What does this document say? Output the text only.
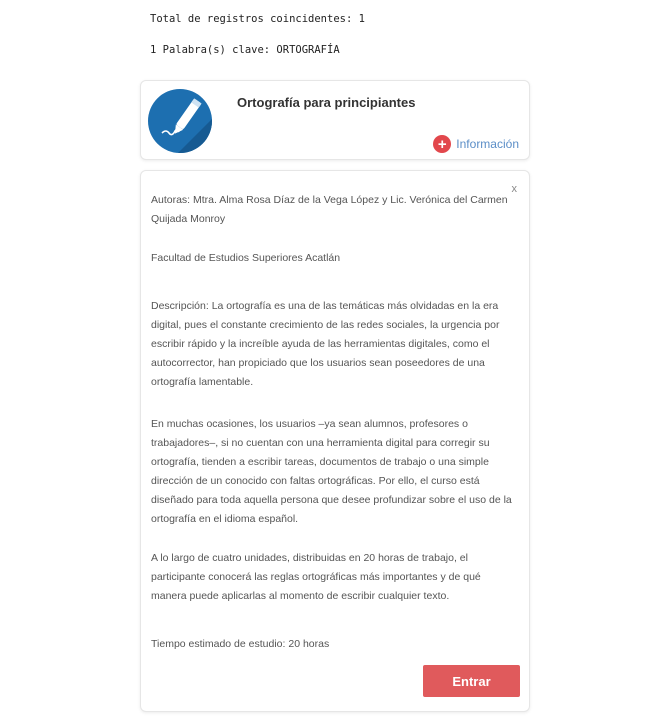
Total de registros coincidentes: 1
1 Palabra(s) clave: ORTOGRAFÍA
Ortografía para principiantes
+ Información
x
Autoras: Mtra. Alma Rosa Díaz de la Vega López y Lic. Verónica del Carmen Quijada Monroy
Facultad de Estudios Superiores Acatlán
Descripción: La ortografía es una de las temáticas más olvidadas en la era digital, pues el constante crecimiento de las redes sociales, la urgencia por escribir rápido y la increíble ayuda de las herramientas digitales, como el autocorrector, han propiciado que los usuarios sean poseedores de una ortografía lamentable.
En muchas ocasiones, los usuarios –ya sean alumnos, profesores o trabajadores–, si no cuentan con una herramienta digital para corregir su ortografía, tienden a escribir tareas, documentos de trabajo o una simple dirección de un conocido con faltas ortográficas. Por ello, el curso está diseñado para toda aquella persona que desee profundizar sobre el uso de la ortografía en el idioma español.
A lo largo de cuatro unidades, distribuidas en 20 horas de trabajo, el participante conocerá las reglas ortográficas más importantes y de qué manera puede aplicarlas al momento de escribir cualquier texto.
Tiempo estimado de estudio: 20 horas
Entrar
